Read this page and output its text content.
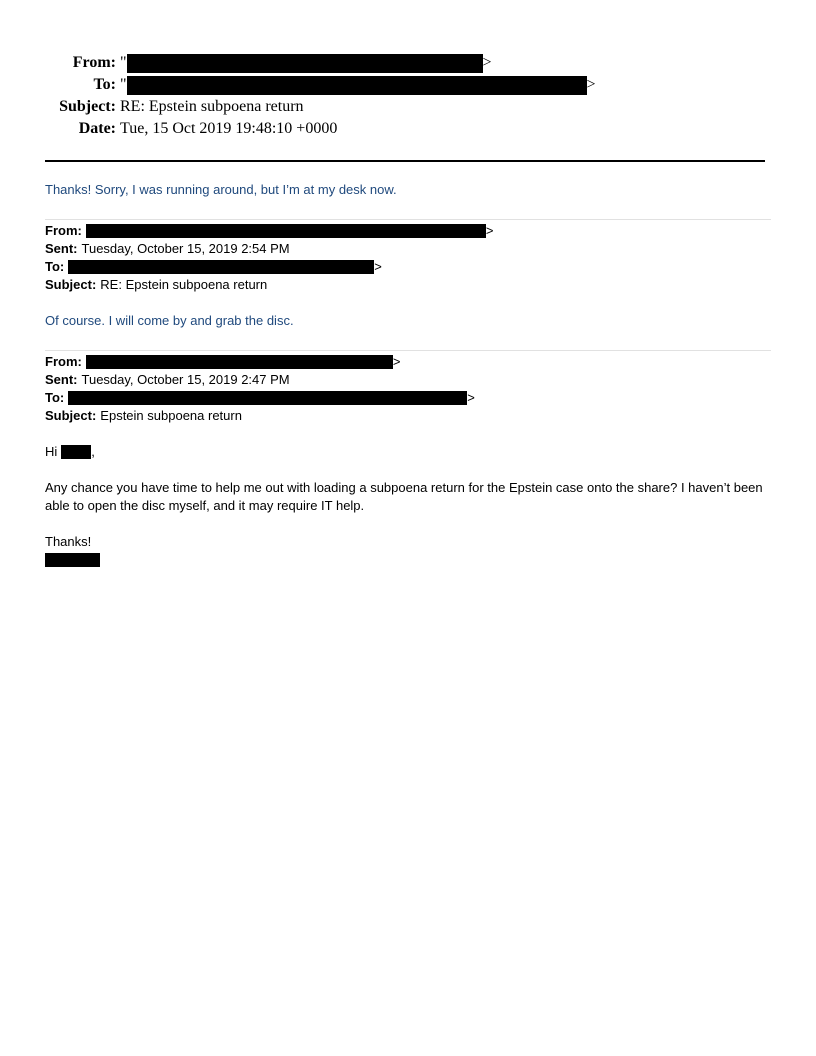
From: "	>
To: "	>
Subject: RE: Epstein subpoena return
Date: Tue, 15 Oct 2019 19:48:10 +0000

Thanks! Sorry, I was running around, but I’m at my desk now.

From:	>
Sent: Tuesday, October 15, 2019 2:54 PM
To:	>
Subject: RE: Epstein subpoena return

Of course. I will come by and grab the disc.

From:	>
Sent: Tuesday, October 15, 2019 2:47 PM
To:	>
Subject: Epstein subpoena return
Hi	,

Any chance you have time to help me out with loading a subpoena return for the Epstein case onto the share? I haven’t been able to open the disc myself, and it may require IT help.

Thanks!
